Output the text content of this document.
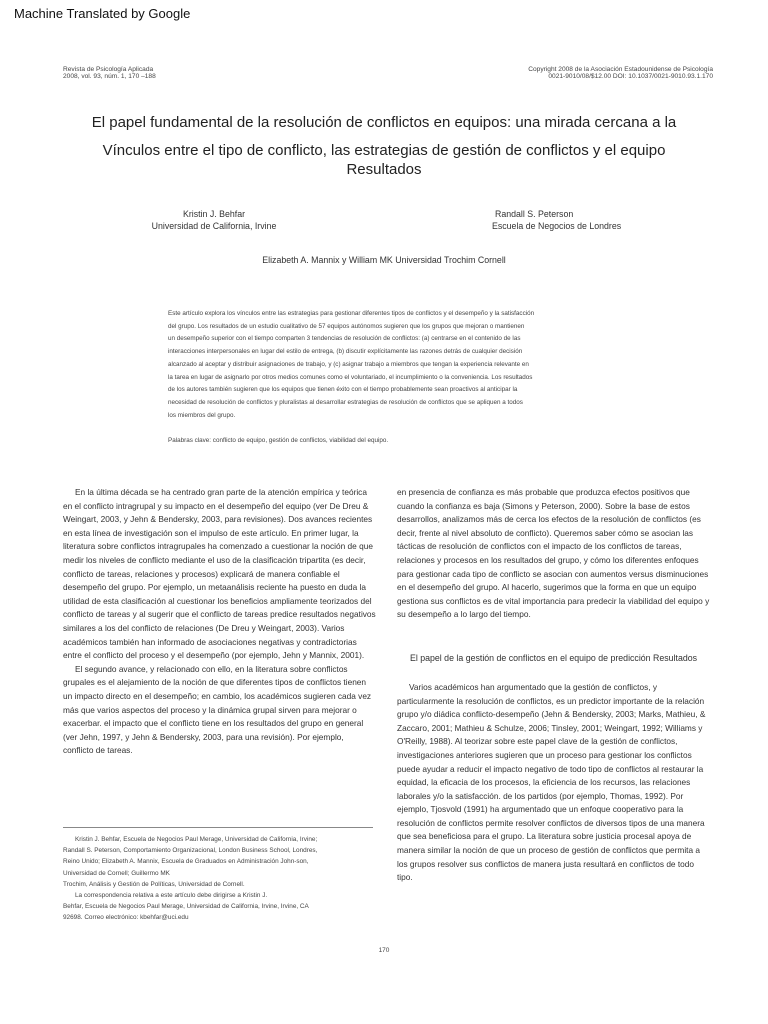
Machine Translated by Google
Revista de Psicología Aplicada
2008, vol. 93, núm. 1, 170 –188
Copyright 2008 de la Asociación Estadounidense de Psicología
0021-9010/08/$12.00 DOI: 10.1037/0021-9010.93.1.170
El papel fundamental de la resolución de conflictos en equipos: una mirada cercana a la
Vínculos entre el tipo de conflicto, las estrategias de gestión de conflictos y el equipo
Resultados
Kristin J. Behfar
Universidad de California, Irvine
Randall S. Peterson
Escuela de Negocios de Londres
Elizabeth A. Mannix y William MK Universidad Trochim Cornell

Este artículo explora los vínculos entre las estrategias para gestionar diferentes tipos de conflictos y el desempeño y la satisfacción

del grupo. Los resultados de un estudio cualitativo de 57 equipos autónomos sugieren que los grupos que mejoran o mantienen

un desempeño superior con el tiempo comparten 3 tendencias de resolución de conflictos: (a) centrarse en el contenido de las

interacciones interpersonales en lugar del estilo de entrega, (b) discutir explícitamente las razones detrás de cualquier decisión

alcanzado al aceptar y distribuir asignaciones de trabajo, y (c) asignar trabajo a miembros que tengan la experiencia relevante en

la tarea en lugar de asignarlo por otros medios comunes como el voluntariado, el incumplimiento o la conveniencia. Los resultados

de los autores también sugieren que los equipos que tienen éxito con el tiempo probablemente sean proactivos al anticipar la

necesidad de resolución de conflictos y pluralistas al desarrollar estrategias de resolución de conflictos que se apliquen a todos

los miembros del grupo.

Palabras clave: conflicto de equipo, gestión de conflictos, viabilidad del equipo.

En la última década se ha centrado gran parte de la atención empírica y teórica en el conflicto intragrupal y su impacto en el desempeño del equipo (ver De Dreu & Weingart, 2003, y Jehn & Bendersky, 2003, para revisiones). Dos avances recientes en esta línea de investigación son el impulso de este artículo. En primer lugar, la literatura sobre conflictos intragrupales ha comenzado a cuestionar la noción de que medir los niveles de conflicto mediante el uso de la clasificación tripartita (es decir, conflicto de tareas, relaciones y procesos) explicará de manera confiable el desempeño del grupo. Por ejemplo, un metaanálisis reciente ha puesto en duda la utilidad de esta clasificación al cuestionar los beneficios ampliamente teorizados del conflicto de tareas y al sugerir que el conflicto de tareas predice resultados negativos similares a los del conflicto de relaciones (De Dreu y Weingart, 2003). Varios académicos también han informado de asociaciones negativas y contradictorias entre el conflicto del proceso y el desempeño (por ejemplo, Jehn y Mannix, 2001).

El segundo avance, y relacionado con ello, en la literatura sobre conflictos grupales es el alejamiento de la noción de que diferentes tipos de conflictos tienen un impacto directo en el desempeño; en cambio, los académicos sugieren cada vez más que varios aspectos del proceso y la dinámica grupal sirven para mejorar o exacerbar. el impacto que el conflicto tiene en los resultados del grupo en general (ver Jehn, 1997, y Jehn & Bendersky, 2003, para una revisión). Por ejemplo, conflicto de tareas.

Kristin J. Behfar, Escuela de Negocios Paul Merage, Universidad de California, Irvine;

Randall S. Peterson, Comportamiento Organizacional, London Business School, Londres,

Reino Unido; Elizabeth A. Mannix, Escuela de Graduados en Administración John-son,

Universidad de Cornell; Guillermo MK

Trochim, Análisis y Gestión de Políticas, Universidad de Cornell.

La correspondencia relativa a este artículo debe dirigirse a Kristin J.

Behfar, Escuela de Negocios Paul Merage, Universidad de California, Irvine, Irvine, CA

92698. Correo electrónico: kbehfar@uci.edu

en presencia de confianza es más probable que produzca efectos positivos que cuando la confianza es baja (Simons y Peterson, 2000). Sobre la base de estos desarrollos, analizamos más de cerca los efectos de la resolución de conflictos (es decir, frente al nivel absoluto de conflicto). Queremos saber cómo se asocian las tácticas de resolución de conflictos con el impacto de los conflictos de tareas, relaciones y procesos en los resultados del grupo, y cómo los diferentes enfoques para gestionar cada tipo de conflicto se asocian con aumentos versus disminuciones en el desempeño del grupo. Al hacerlo, sugerimos que la forma en que un equipo gestiona sus conflictos es de vital importancia para predecir la viabilidad del equipo y su desempeño a lo largo del tiempo.

El papel de la gestión de conflictos en el equipo de predicción Resultados

Varios académicos han argumentado que la gestión de conflictos, y particularmente la resolución de conflictos, es un predictor importante de la relación grupo y/o diádica conflicto-desempeño (Jehn & Bendersky, 2003; Marks, Mathieu, & Zaccaro, 2001; Mathieu & Schulze, 2006; Tinsley, 2001; Weingart, 1992; Williams y O'Reilly, 1988). Al teorizar sobre este papel clave de la gestión de conflictos, investigaciones anteriores sugieren que un proceso para gestionar los conflictos puede ayudar a reducir el impacto negativo de todo tipo de conflictos al restaurar la equidad, la eficacia de los procesos, la eficiencia de los recursos, las relaciones laborales y/o la satisfacción. de los partidos (por ejemplo, Thomas, 1992). Por ejemplo, Tjosvold (1991) ha argumentado que un enfoque cooperativo para la resolución de conflictos permite resolver conflictos de diversos tipos de una manera que sea beneficiosa para el grupo. La literatura sobre justicia procesal apoya de manera similar la noción de que un proceso de gestión de conflictos que permita a los grupos resolver sus conflictos de manera justa resultará en conflictos de todo tipo.

170
